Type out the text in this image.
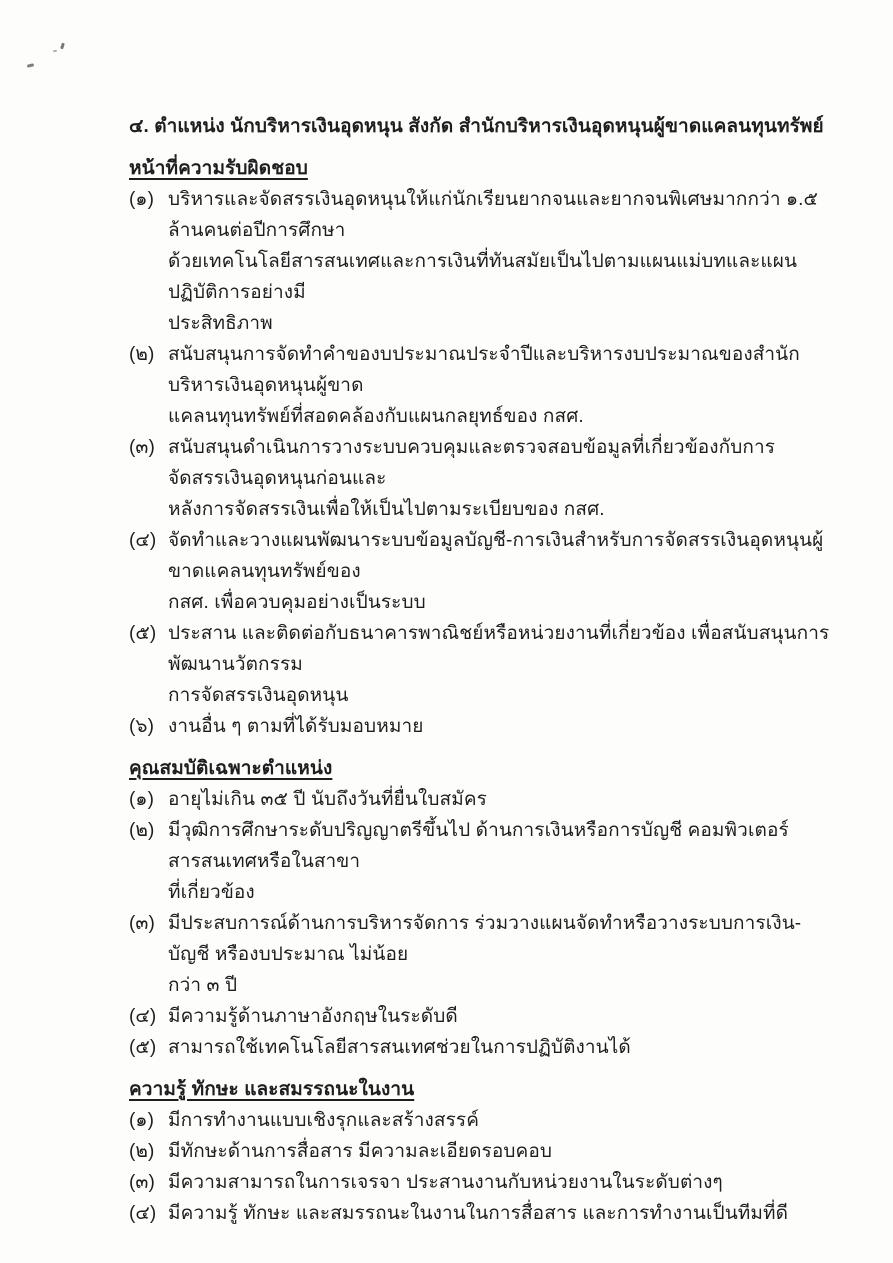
๔. ตำแหน่ง นักบริหารเงินอุดหนุน สังกัด สำนักบริหารเงินอุดหนุนผู้ขาดแคลนทุนทรัพย์
หน้าที่ความรับผิดชอบ
(๑) บริหารและจัดสรรเงินอุดหนุนให้แก่นักเรียนยากจนและยากจนพิเศษมากกว่า ๑.๕ ล้านคนต่อปีการศึกษา
ด้วยเทคโนโลยีสารสนเทศและการเงินที่ทันสมัยเป็นไปตามแผนแม่บทและแผนปฏิบัติการอย่างมี
ประสิทธิภาพ
(๒) สนับสนุนการจัดทำคำของบประมาณประจำปีและบริหารงบประมาณของสำนักบริหารเงินอุดหนุนผู้ขาด
แคลนทุนทรัพย์ที่สอดคล้องกับแผนกลยุทธ์ของ กสศ.
(๓) สนับสนุนดำเนินการวางระบบควบคุมและตรวจสอบข้อมูลที่เกี่ยวข้องกับการจัดสรรเงินอุดหนุนก่อนและ
หลังการจัดสรรเงินเพื่อให้เป็นไปตามระเบียบของ กสศ.
(๔) จัดทำและวางแผนพัฒนาระบบข้อมูลบัญชี-การเงินสำหรับการจัดสรรเงินอุดหนุนผู้ขาดแคลนทุนทรัพย์ของ
กสศ. เพื่อควบคุมอย่างเป็นระบบ
(๕) ประสาน และติดต่อกับธนาคารพาณิชย์หรือหน่วยงานที่เกี่ยวข้อง เพื่อสนับสนุนการพัฒนานวัตกรรม
การจัดสรรเงินอุดหนุน
(๖) งานอื่น ๆ ตามที่ได้รับมอบหมาย
คุณสมบัติเฉพาะตำแหน่ง
(๑) อายุไม่เกิน ๓๕ ปี นับถึงวันที่ยื่นใบสมัคร
(๒) มีวุฒิการศึกษาระดับปริญญาตรีขึ้นไป ด้านการเงินหรือการบัญชี คอมพิวเตอร์สารสนเทศหรือในสาขา
ที่เกี่ยวข้อง
(๓) มีประสบการณ์ด้านการบริหารจัดการ ร่วมวางแผนจัดทำหรือวางระบบการเงิน-บัญชี หรืองบประมาณ ไม่น้อย
กว่า ๓ ปี
(๔) มีความรู้ด้านภาษาอังกฤษในระดับดี
(๕) สามารถใช้เทคโนโลยีสารสนเทศช่วยในการปฏิบัติงานได้
ความรู้ ทักษะ และสมรรถนะในงาน
(๑) มีการทำงานแบบเชิงรุกและสร้างสรรค์
(๒) มีทักษะด้านการสื่อสาร มีความละเอียดรอบคอบ
(๓) มีความสามารถในการเจรจา ประสานงานกับหน่วยงานในระดับต่างๆ
(๔) มีความรู้ ทักษะ และสมรรถนะในงานในการสื่อสาร และการทำงานเป็นทีมที่ดี
